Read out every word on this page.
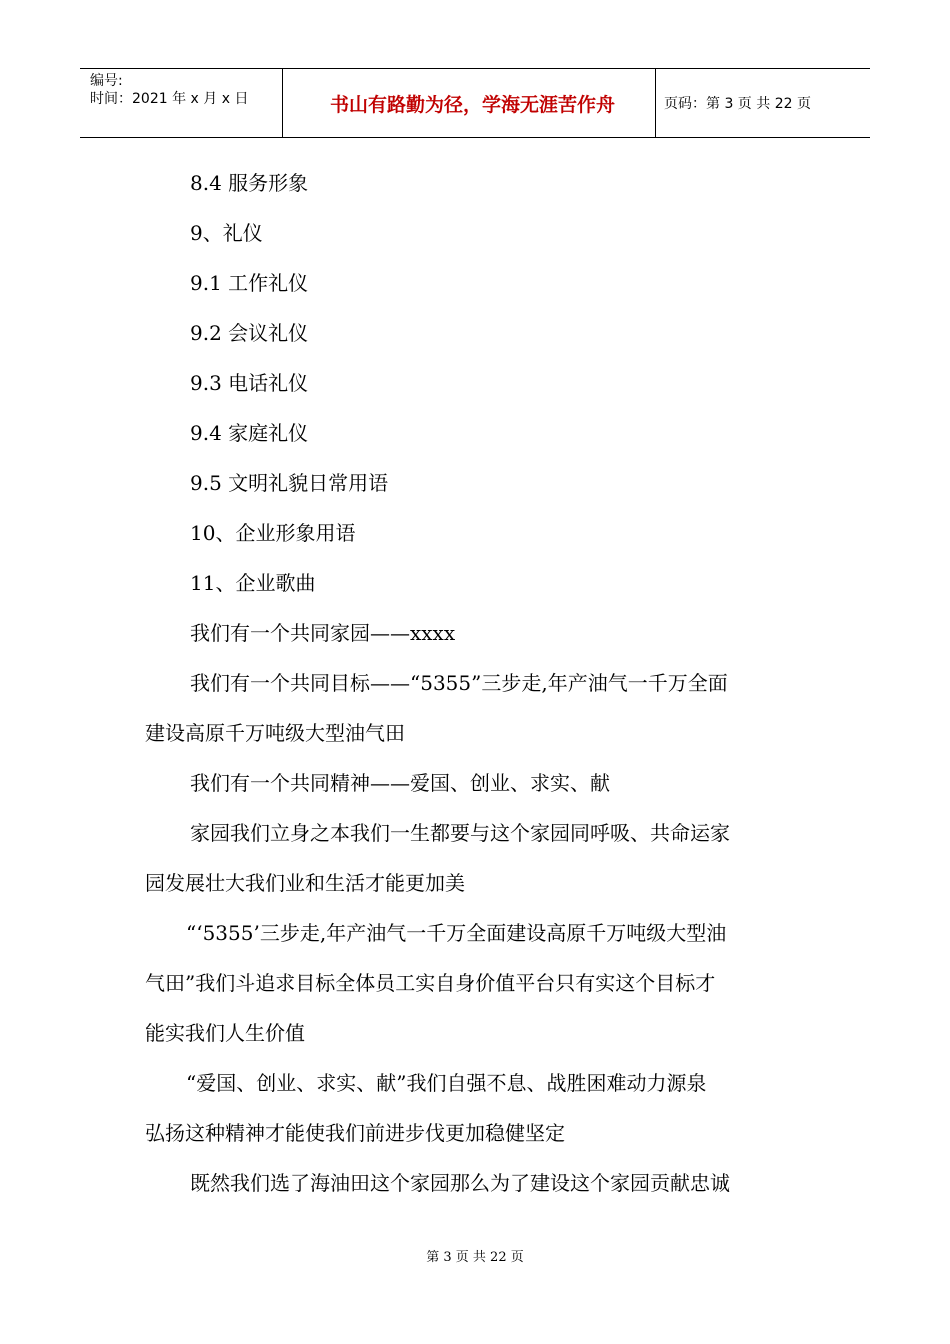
编号:
时间：2021 年 x 月 x 日	书山有路勤为径，学海无涯苦作舟	页码：第 3 页 共 22 页
8.4 服务形象
9、礼仪
9.1 工作礼仪
9.2 会议礼仪
9.3 电话礼仪
9.4 家庭礼仪
9.5 文明礼貌日常用语
10、企业形象用语
11、企业歌曲
我们有一个共同家园——xxxx
我们有一个共同目标——“5355”三步走,年产油气一千万全面
建设高原千万吨级大型油气田
我们有一个共同精神——爱国、创业、求实、献
家园我们立身之本我们一生都要与这个家园同呼吸、共命运家
园发展壮大我们业和生活才能更加美
“‘5355’三步走,年产油气一千万全面建设高原千万吨级大型油
气田”我们斗追求目标全体员工实自身价值平台只有实这个目标才
能实我们人生价值
“爱国、创业、求实、献”我们自强不息、战胜困难动力源泉
弘扬这种精神才能使我们前进步伐更加稳健坚定
既然我们选了海油田这个家园那么为了建设这个家园贡献忠诚
第 3 页 共 22 页
